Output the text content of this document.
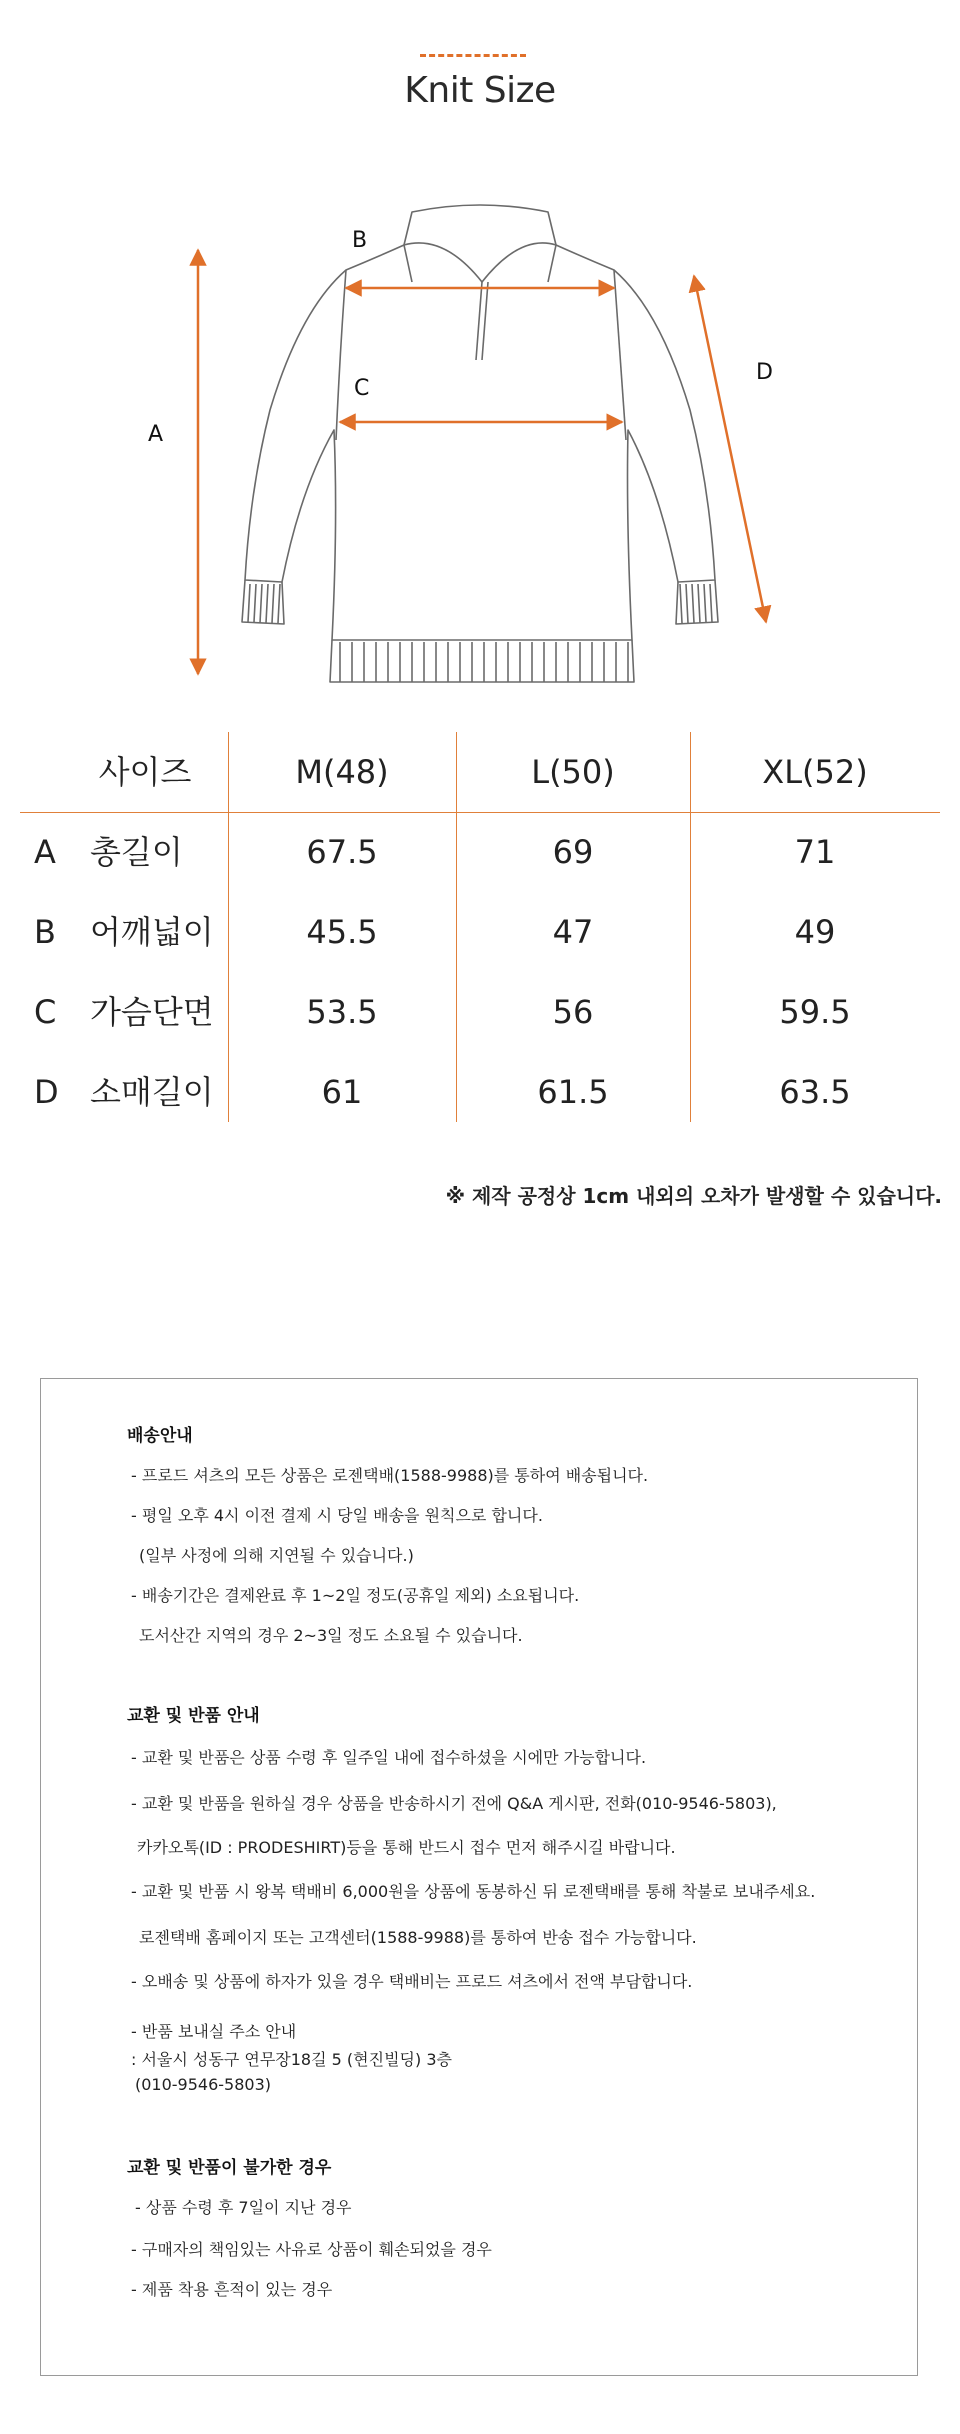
Knit Size
A
B
C
D
사이즈	M(48)	L(50)	XL(52)
A 총길이	67.5	69	71
B 어깨넓이	45.5	47	49
C 가슴단면	53.5	56	59.5
D 소매길이	61	61.5	63.5
※ 제작 공정상 1cm 내외의 오차가 발생할 수 있습니다.
배송안내
- 프로드 셔츠의 모든 상품은 로젠택배(1588-9988)를 통하여 배송됩니다.
- 평일 오후 4시 이전 결제 시 당일 배송을 원칙으로 합니다.
(일부 사정에 의해 지연될 수 있습니다.)
- 배송기간은 결제완료 후 1~2일 정도(공휴일 제외) 소요됩니다.
도서산간 지역의 경우 2~3일 정도 소요될 수 있습니다.
교환 및 반품 안내
- 교환 및 반품은 상품 수령 후 일주일 내에 접수하셨을 시에만 가능합니다.
- 교환 및 반품을 원하실 경우 상품을 반송하시기 전에 Q&A 게시판, 전화(010-9546-5803),
카카오톡(ID : PRODESHIRT)등을 통해 반드시 접수 먼저 해주시길 바랍니다.
- 교환 및 반품 시 왕복 택배비 6,000원을 상품에 동봉하신 뒤 로젠택배를 통해 착불로 보내주세요.
로젠택배 홈페이지 또는 고객센터(1588-9988)를 통하여 반송 접수 가능합니다.
- 오배송 및 상품에 하자가 있을 경우 택배비는 프로드 셔츠에서 전액 부담합니다.
- 반품 보내실 주소 안내
: 서울시 성동구 연무장18길 5 (현진빌딩) 3층
(010-9546-5803)
교환 및 반품이 불가한 경우
- 상품 수령 후 7일이 지난 경우
- 구매자의 책임있는 사유로 상품이 훼손되었을 경우
- 제품 착용 흔적이 있는 경우
